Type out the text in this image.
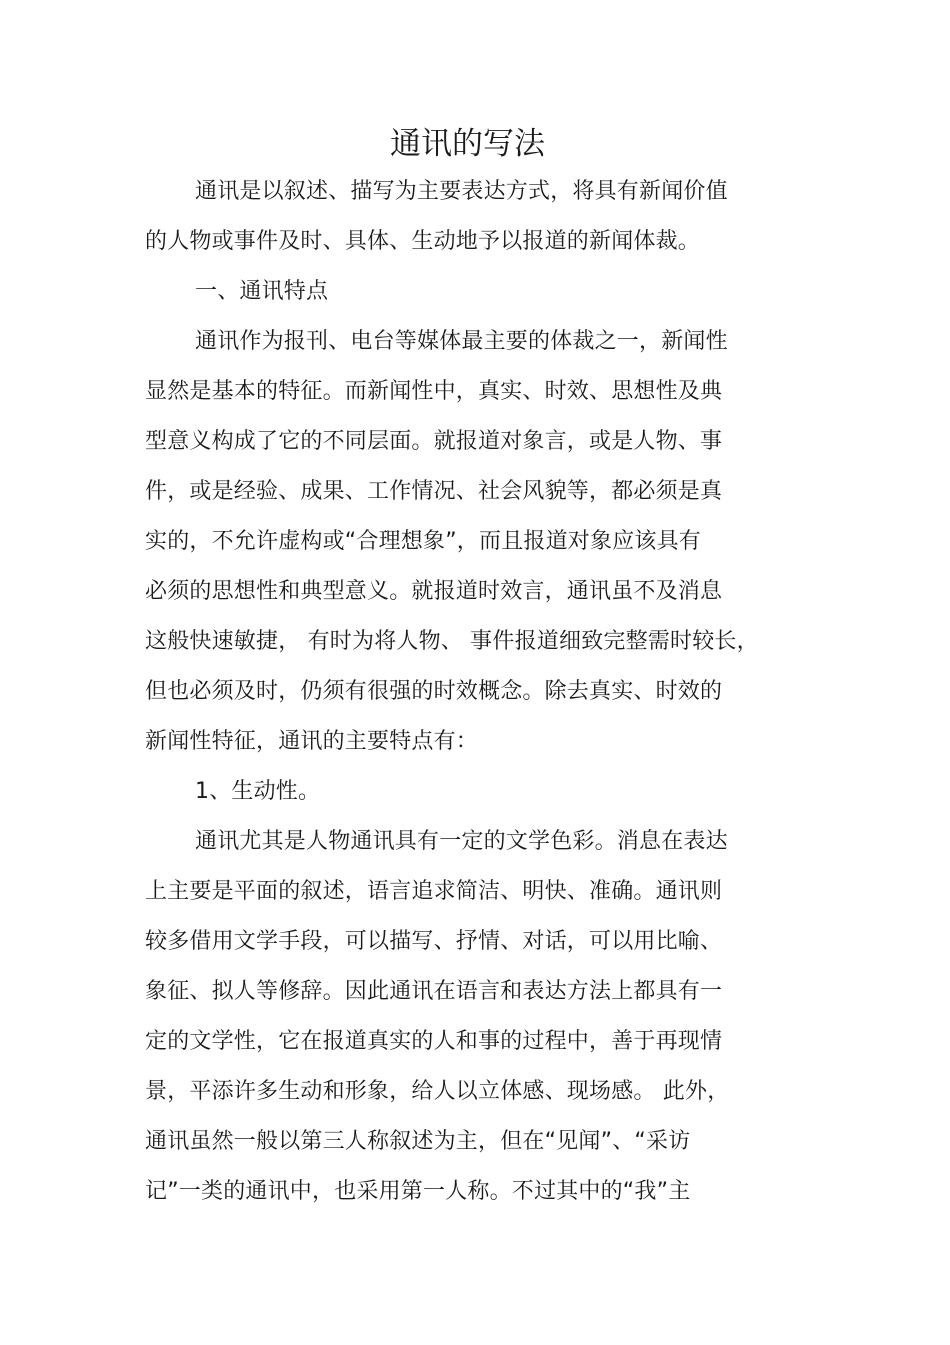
通讯的写法
通讯是以叙述、描写为主要表达方式，将具有新闻价值
的人物或事件及时、具体、生动地予以报道的新闻体裁。
一、通讯特点
通讯作为报刊、电台等媒体最主要的体裁之一，新闻性
显然是基本的特征。而新闻性中，真实、时效、思想性及典
型意义构成了它的不同层面。就报道对象言，或是人物、事
件，或是经验、成果、工作情况、社会风貌等，都必须是真
实的，不允许虚构或“合理想象”，而且报道对象应该具有
必须的思想性和典型意义。就报道时效言，通讯虽不及消息
这般快速敏捷， 有时为将人物、 事件报道细致完整需时较长，
但也必须及时，仍须有很强的时效概念。除去真实、时效的
新闻性特征，通讯的主要特点有：
1、生动性。
通讯尤其是人物通讯具有一定的文学色彩。消息在表达
上主要是平面的叙述，语言追求简洁、明快、准确。通讯则
较多借用文学手段，可以描写、抒情、对话，可以用比喻、
象征、拟人等修辞。因此通讯在语言和表达方法上都具有一
定的文学性，它在报道真实的人和事的过程中，善于再现情
景，平添许多生动和形象，给人以立体感、现场感。 此外，
通讯虽然一般以第三人称叙述为主，但在“见闻”、“采访
记”一类的通讯中，也采用第一人称。不过其中的“我”主
